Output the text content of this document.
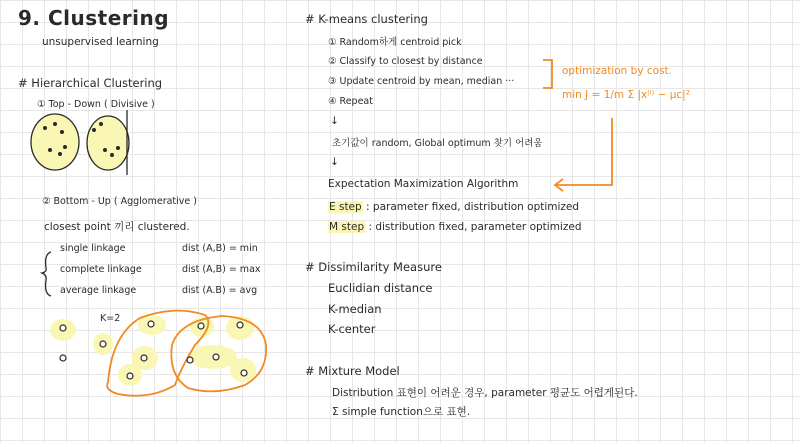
9. Clustering
unsupervised learning
# Hierarchical Clustering
① Top - Down ( Divisive )
② Bottom - Up ( Agglomerative )
closest point 끼리 clustered.
single linkage	dist (A,B) = min
complete linkage	dist (A,B) = max
average linkage	dist (A.B) = avg
K=2
# K-means clustering
① Random하게 centroid pick
② Classify to closest by distance
③ Update centroid by mean, median ···
④ Repeat
optimization by cost.
min J = 1/m Σ |x⁽ⁱ⁾ − μc|²
↓
초기값이 random, Global optimum 찾기 어려움
↓
Expectation Maximization Algorithm
E step : parameter fixed, distribution optimized
M step : distribution fixed, parameter optimized
# Dissimilarity Measure
Euclidian distance
K-median
K-center
# Mixture Model
Distribution 표현이 어려운 경우, parameter 평균도 어렵게된다.
Σ simple function으로 표현.
